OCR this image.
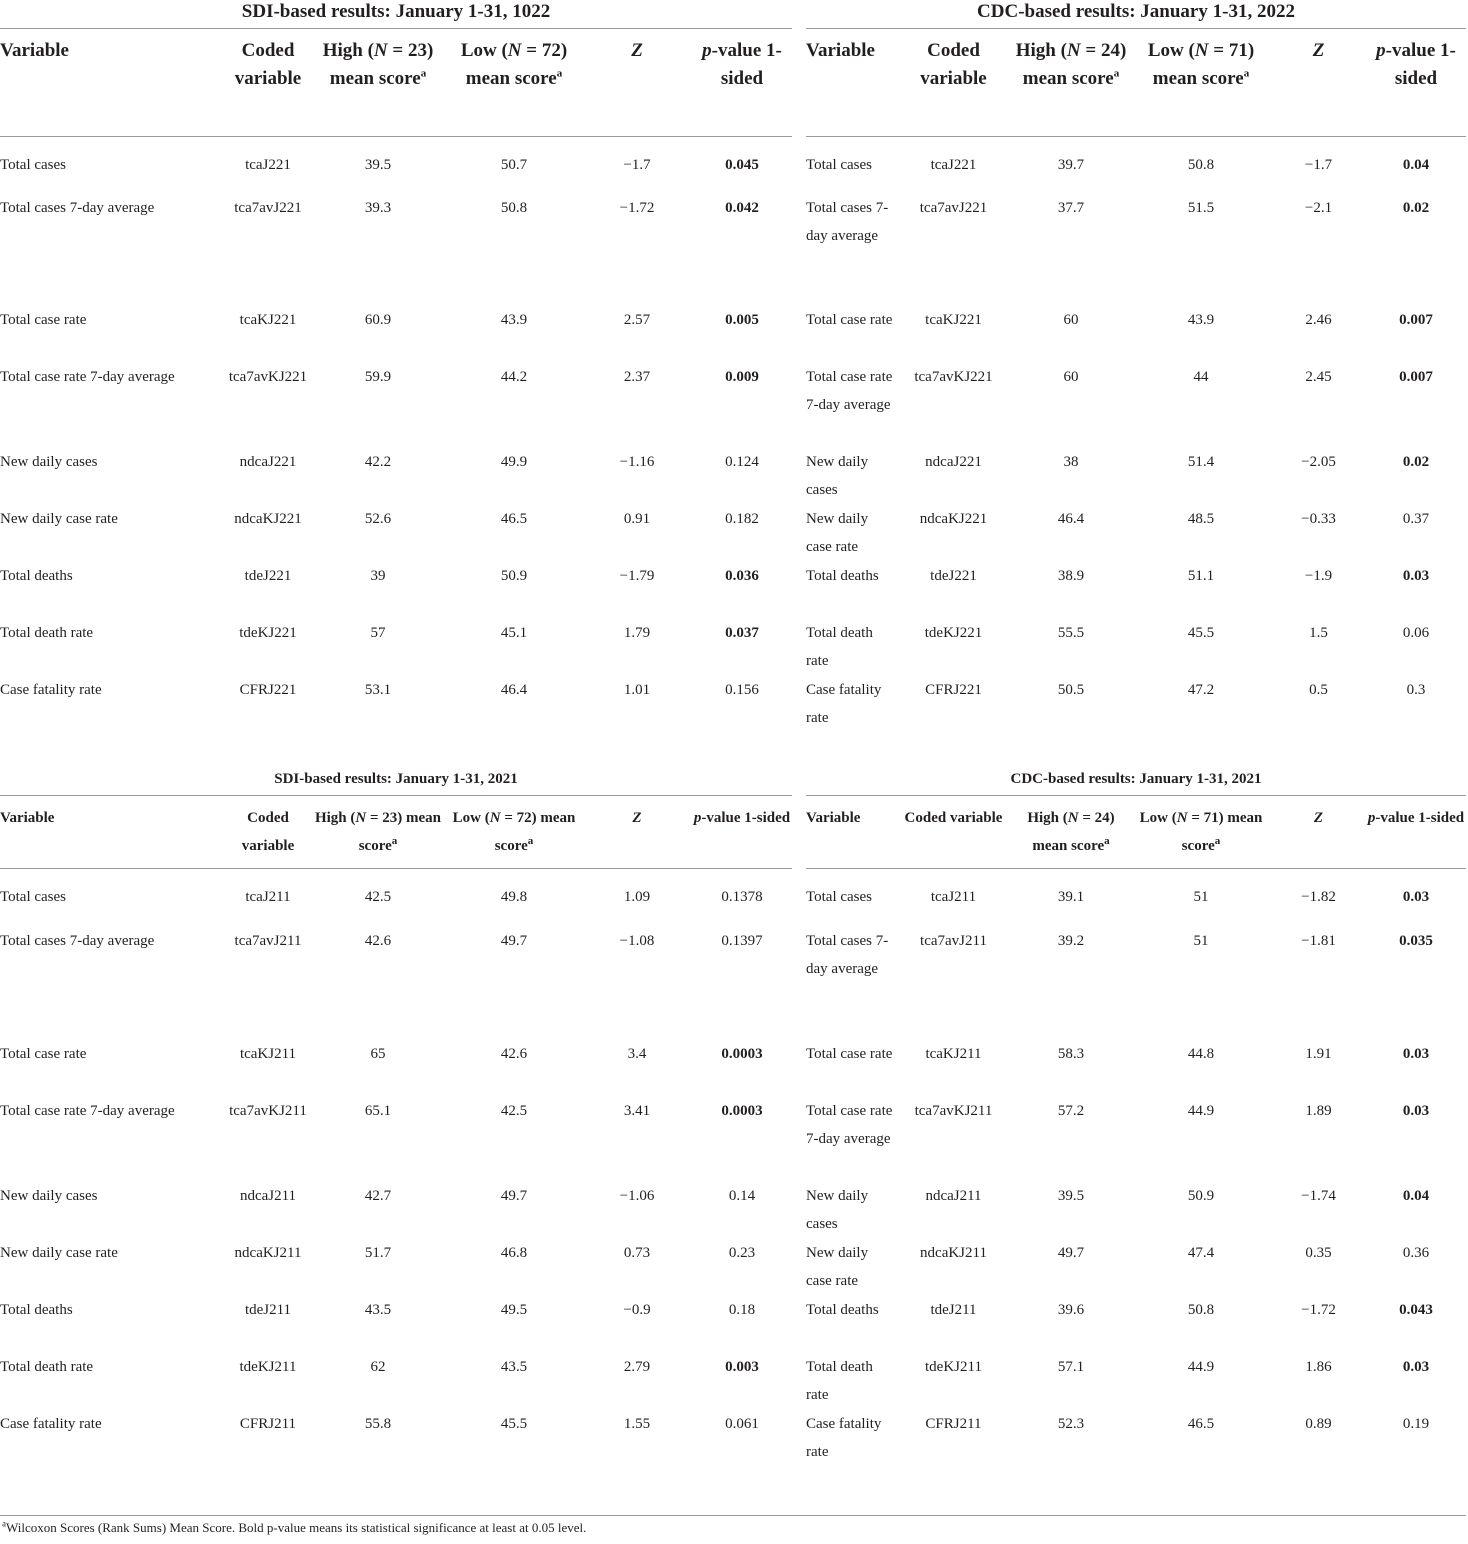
SDI-based results: January 1-31, 1022	CDC-based results: January 1-31, 2022
SDI-based results: January 1-31, 2021	CDC-based results: January 1-31, 2021
Variable	Coded variable	High (N = 23) mean score$^a$	Low (N = 72) mean score$^a$	Z	p-value 1-sided
Total cases	tcaJ221	39.5	50.7	−1.7	0.045
Total cases 7-day average	tca7avJ221	39.3	50.8	−1.72	0.042
Total case rate	tcaKJ221	60.9	43.9	2.57	0.005
Total case rate 7-day average	tca7avKJ221	59.9	44.2	2.37	0.009
New daily cases	ndcaJ221	42.2	49.9	−1.16	0.124
New daily case rate	ndcaKJ221	52.6	46.5	0.91	0.182
Total deaths	tdeJ221	39	50.9	−1.79	0.036
Total death rate	tdeKJ221	57	45.1	1.79	0.037
Case fatality rate	CFRJ221	53.1	46.4	1.01	0.156
Variable	Coded variable	High (N = 24) mean score$^a$	Low (N = 71) mean score$^a$	Z	p-value 1-sided
Total cases	tcaJ221	39.7	50.8	−1.7	0.04
Total cases 7-day average	tca7avJ221	37.7	51.5	−2.1	0.02
Total case rate	tcaKJ221	60	43.9	2.46	0.007
Total case rate 7-day average	tca7avKJ221	60	44	2.45	0.007
New daily cases	ndcaJ221	38	51.4	−2.05	0.02
New daily case rate	ndcaKJ221	46.4	48.5	−0.33	0.37
Total deaths	tdeJ221	38.9	51.1	−1.9	0.03
Total death rate	tdeKJ221	55.5	45.5	1.5	0.06
Case fatality rate	CFRJ221	50.5	47.2	0.5	0.3
Variable	Coded variable	High (N = 23) mean score$^a$	Low (N = 72) mean score$^a$	Z	p-value 1-sided
Total cases	tcaJ211	42.5	49.8	1.09	0.1378
Total cases 7-day average	tca7avJ211	42.6	49.7	−1.08	0.1397
Total case rate	tcaKJ211	65	42.6	3.4	0.0003
Total case rate 7-day average	tca7avKJ211	65.1	42.5	3.41	0.0003
New daily cases	ndcaJ211	42.7	49.7	−1.06	0.14
New daily case rate	ndcaKJ211	51.7	46.8	0.73	0.23
Total deaths	tdeJ211	43.5	49.5	−0.9	0.18
Total death rate	tdeKJ211	62	43.5	2.79	0.003
Case fatality rate	CFRJ211	55.8	45.5	1.55	0.061
Variable	Coded variable	High (N = 24) mean score$^a$	Low (N = 71) mean score$^a$	Z	p-value 1-sided
Total cases	tcaJ211	39.1	51	−1.82	0.03
Total cases 7-day average	tca7avJ211	39.2	51	−1.81	0.035
Total case rate	tcaKJ211	58.3	44.8	1.91	0.03
Total case rate 7-day average	tca7avKJ211	57.2	44.9	1.89	0.03
New daily cases	ndcaJ211	39.5	50.9	−1.74	0.04
New daily case rate	ndcaKJ211	49.7	47.4	0.35	0.36
Total deaths	tdeJ211	39.6	50.8	−1.72	0.043
Total death rate	tdeKJ211	57.1	44.9	1.86	0.03
Case fatality rate	CFRJ211	52.3	46.5	0.89	0.19
$^a$Wilcoxon Scores (Rank Sums) Mean Score. Bold p-value means its statistical significance at least at 0.05 level.
